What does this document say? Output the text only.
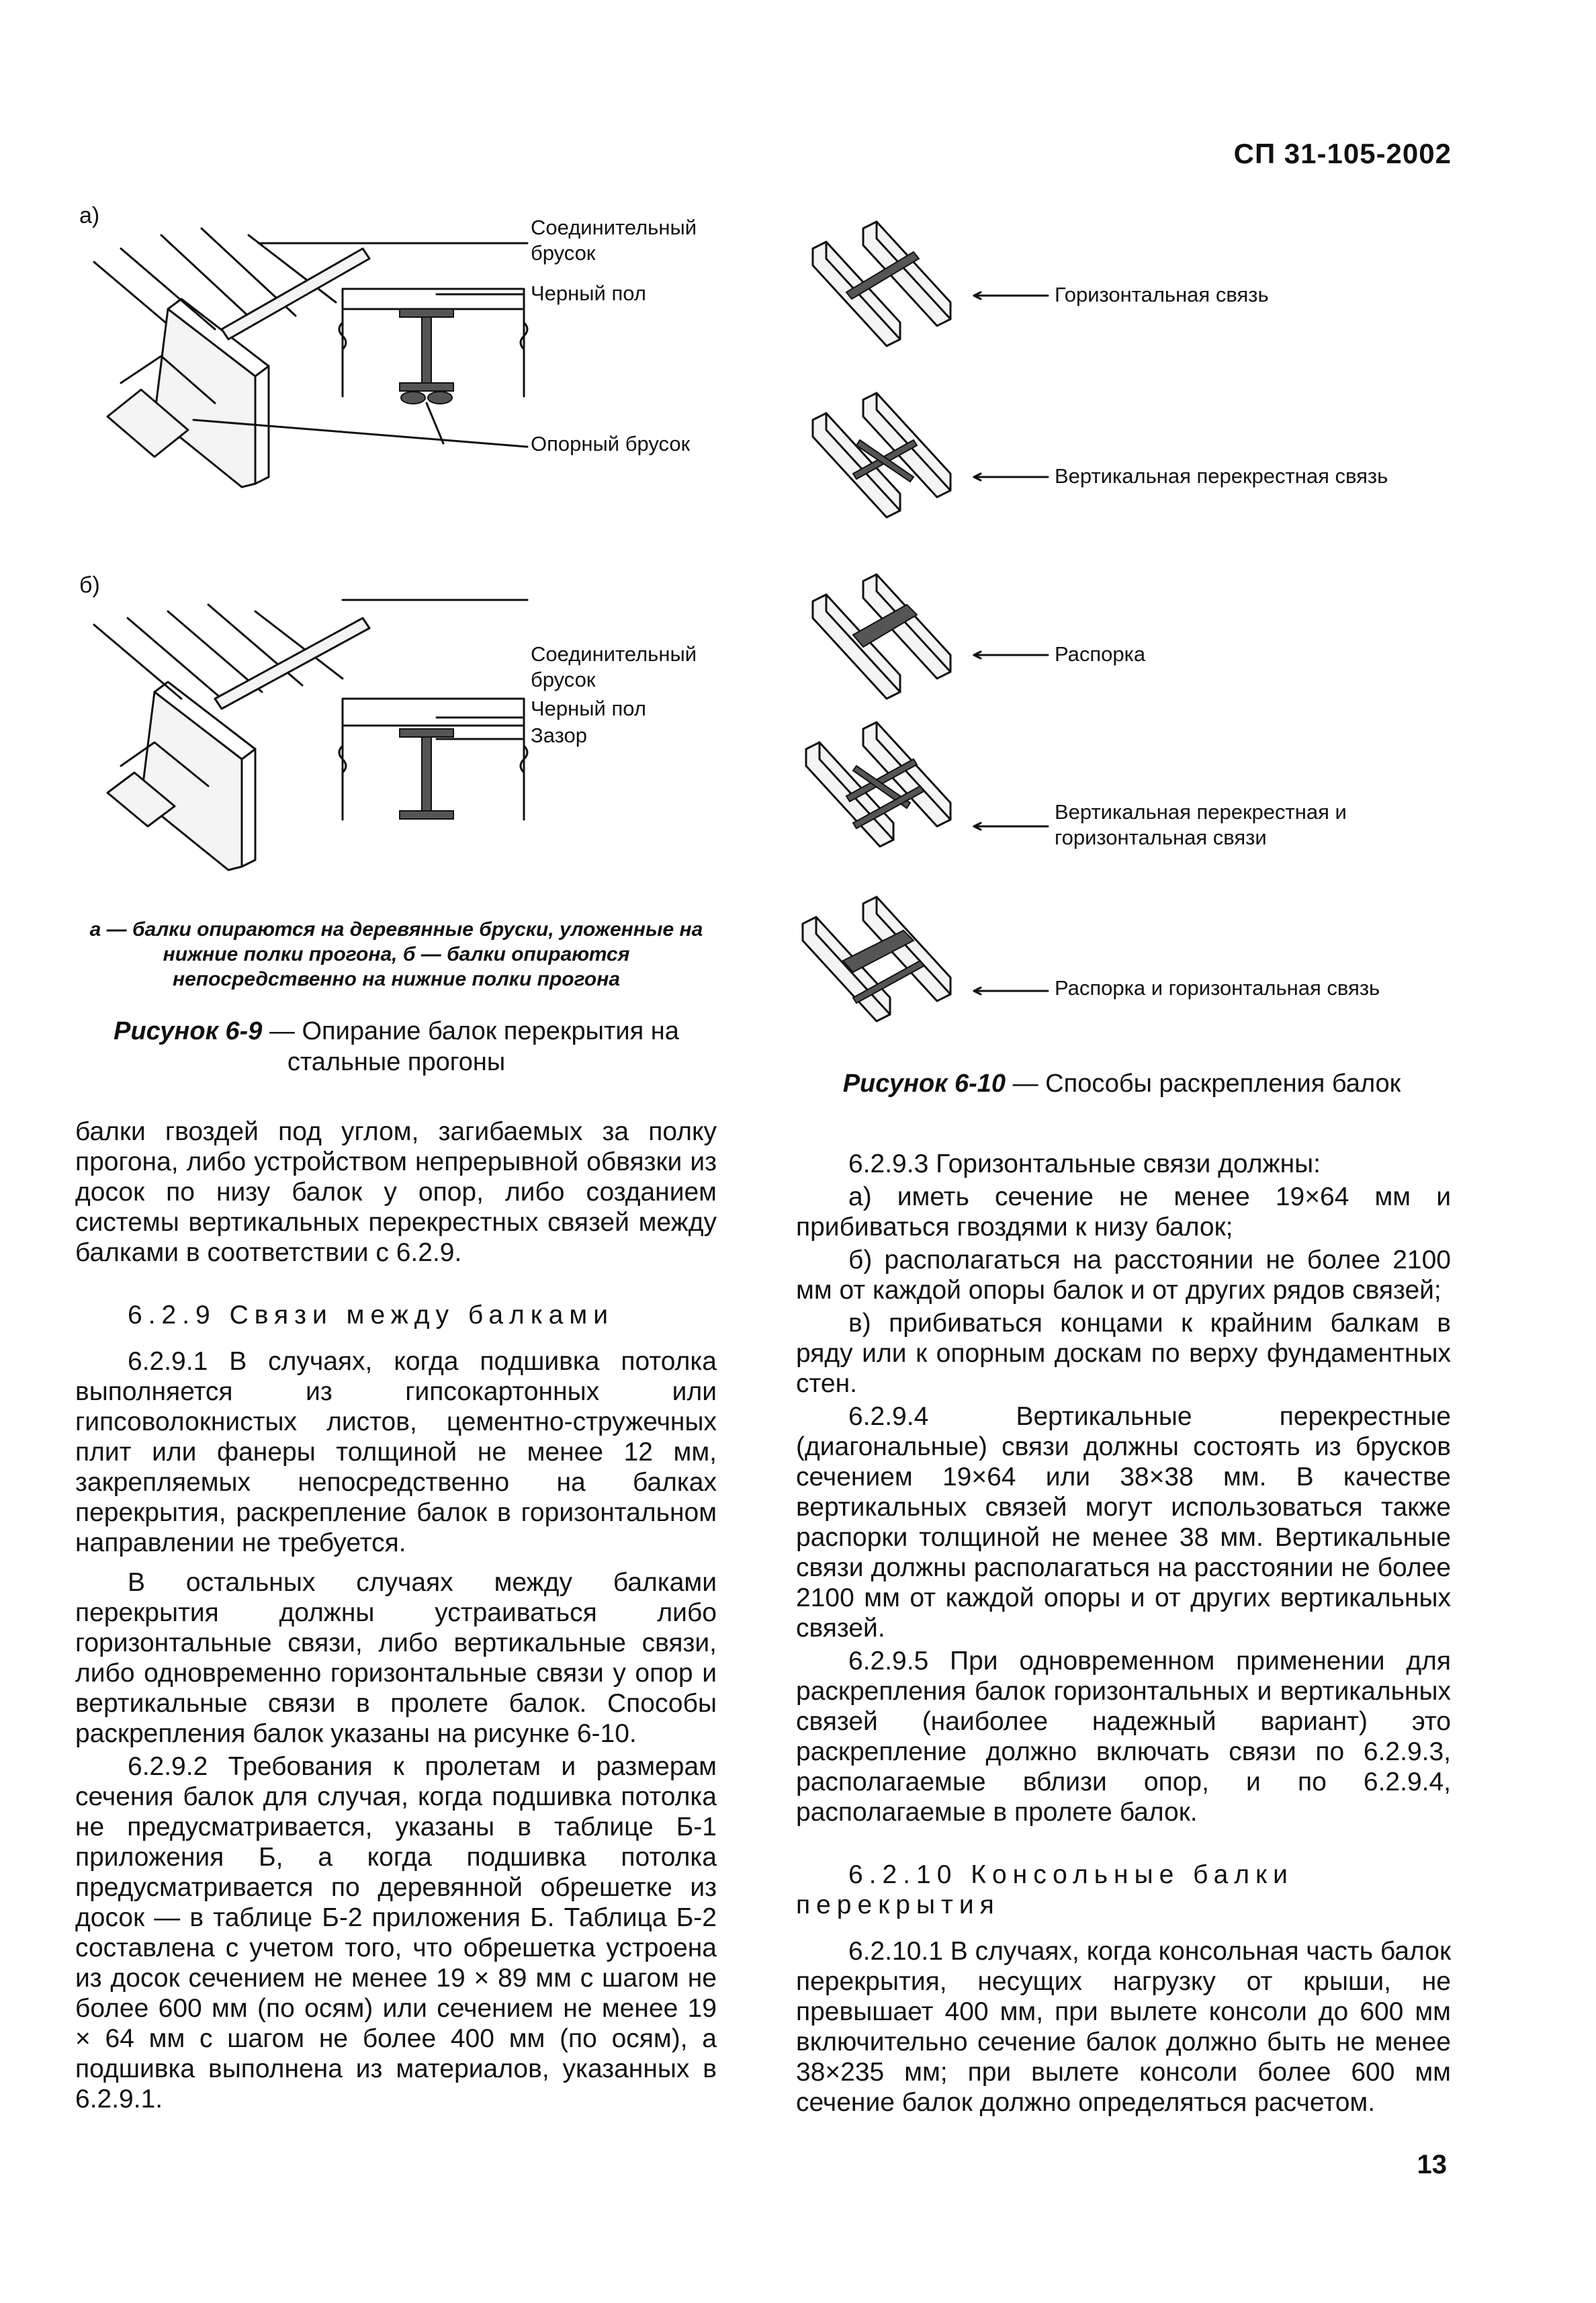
СП 31-105-2002
а)	Соединительный брусок
Черный пол
Опорный брусок
б)
Соединительный брусок
Черный пол
Зазор
а — балки опираются на деревянные бруски, уложенные на нижние полки прогона, б — балки опираются непосредственно на нижние полки прогона
Рисунок 6-9 — Опирание балок перекрытия на стальные прогоны
Горизонтальная связь
Вертикальная перекрестная связь
Распорка
Вертикальная перекрестная и горизонтальная связи
Распорка и горизонтальная связь
Рисунок 6-10 — Способы раскрепления балок

балки гвоздей под углом, загибаемых за полку прогона, либо устройством непрерывной обвязки из досок по низу балок у опор, либо созданием системы вертикальных перекрестных связей между балками в соответствии с 6.2.9.

6.2.9 Связи между балками

6.2.9.1 В случаях, когда подшивка потолка выполняется из гипсокартонных или гипсоволокнистых листов, цементно-стружечных плит или фанеры толщиной не менее 12 мм, закрепляемых непосредственно на балках перекрытия, раскрепление балок в горизонтальном направлении не требуется.

В остальных случаях между балками перекрытия должны устраиваться либо горизонтальные связи, либо вертикальные связи, либо одновременно горизонтальные связи у опор и вертикальные связи в пролете балок. Способы раскрепления балок указаны на рисунке 6-10.

6.2.9.2 Требования к пролетам и размерам сечения балок для случая, когда подшивка потолка не предусматривается, указаны в таблице Б-1 приложения Б, а когда подшивка потолка предусматривается по деревянной обрешетке из досок — в таблице Б-2 приложения Б. Таблица Б-2 составлена с учетом того, что обрешетка устроена из досок сечением не менее 19 × 89 мм с шагом не более 600 мм (по осям) или сечением не менее 19 × 64 мм с шагом не более 400 мм (по осям), а подшивка выполнена из материалов, указанных в 6.2.9.1.

6.2.9.3 Горизонтальные связи должны:

а) иметь сечение не менее 19×64 мм и прибиваться гвоздями к низу балок;

б) располагаться на расстоянии не более 2100 мм от каждой опоры балок и от других рядов связей;

в) прибиваться концами к крайним балкам в ряду или к опорным доскам по верху фундаментных стен.

6.2.9.4 Вертикальные перекрестные (диагональные) связи должны состоять из брусков сечением 19×64 или 38×38 мм. В качестве вертикальных связей могут использоваться также распорки толщиной не менее 38 мм. Вертикальные связи должны располагаться на расстоянии не более 2100 мм от каждой опоры и от других вертикальных связей.

6.2.9.5 При одновременном применении для раскрепления балок горизонтальных и вертикальных связей (наиболее надежный вариант) это раскрепление должно включать связи по 6.2.9.3, располагаемые вблизи опор, и по 6.2.9.4, располагаемые в пролете балок.

6.2.10 Консольные балки перекрытия

6.2.10.1 В случаях, когда консольная часть балок перекрытия, несущих нагрузку от крыши, не превышает 400 мм, при вылете консоли до 600 мм включительно сечение балок должно быть не менее 38×235 мм; при вылете консоли более 600 мм сечение балок должно определяться расчетом.

13
